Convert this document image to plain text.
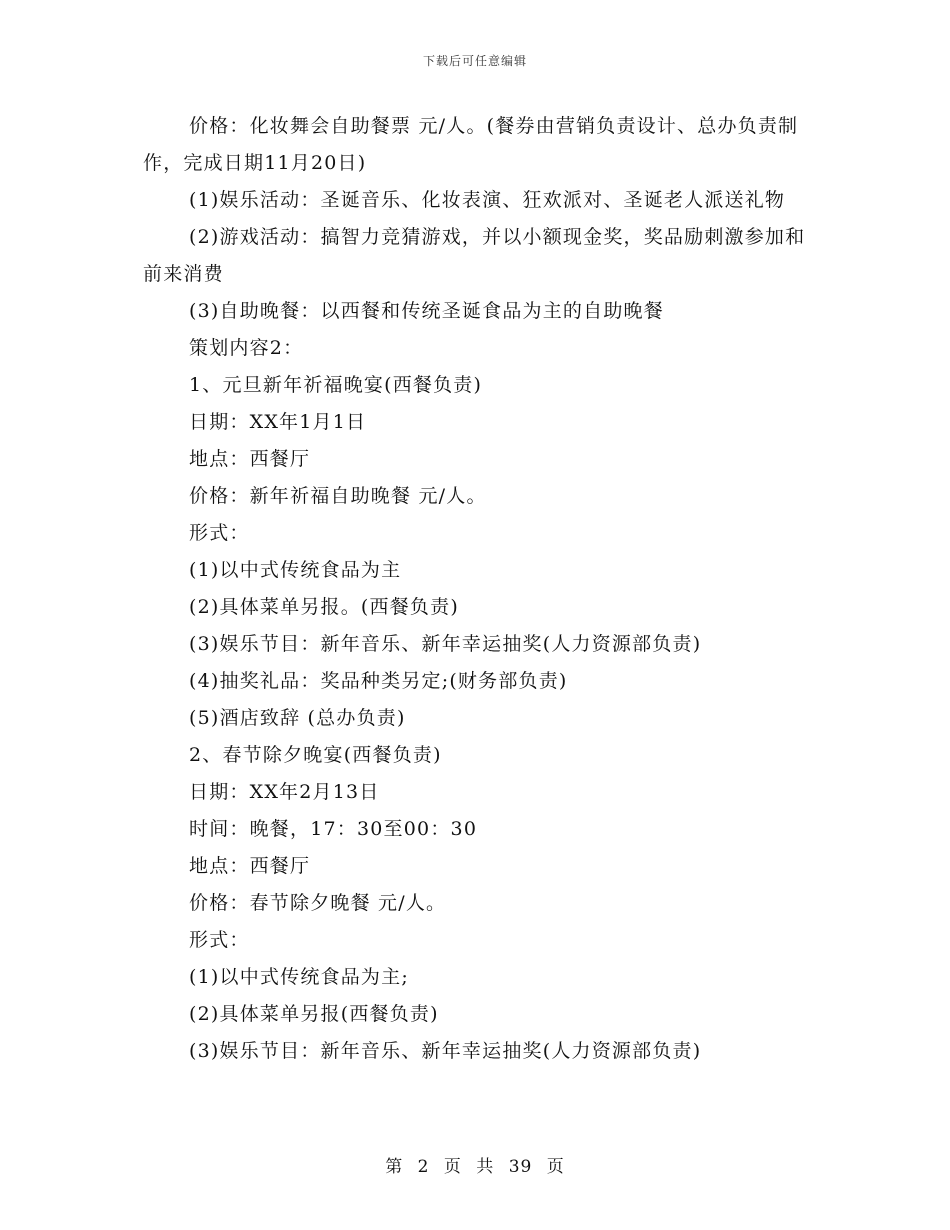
下载后可任意编辑

价格：化妆舞会自助餐票 元/人。(餐券由营销负责设计、总办负责制作，完成日期11月20日)

(1)娱乐活动：圣诞音乐、化妆表演、狂欢派对、圣诞老人派送礼物

(2)游戏活动：搞智力竞猜游戏，并以小额现金奖，奖品励刺激参加和前来消费

(3)自助晚餐：以西餐和传统圣诞食品为主的自助晚餐

策划内容2：

1、元旦新年祈福晚宴(西餐负责)

日期：XX年1月1日

地点：西餐厅

价格：新年祈福自助晚餐 元/人。

形式：

(1)以中式传统食品为主

(2)具体菜单另报。(西餐负责)

(3)娱乐节目：新年音乐、新年幸运抽奖(人力资源部负责)

(4)抽奖礼品：奖品种类另定;(财务部负责)

(5)酒店致辞 (总办负责)

2、春节除夕晚宴(西餐负责)

日期：XX年2月13日

时间：晚餐，17：30至00：30

地点：西餐厅

价格：春节除夕晚餐 元/人。

形式：

(1)以中式传统食品为主;

(2)具体菜单另报(西餐负责)

(3)娱乐节目：新年音乐、新年幸运抽奖(人力资源部负责)

第 2 页 共 39 页
